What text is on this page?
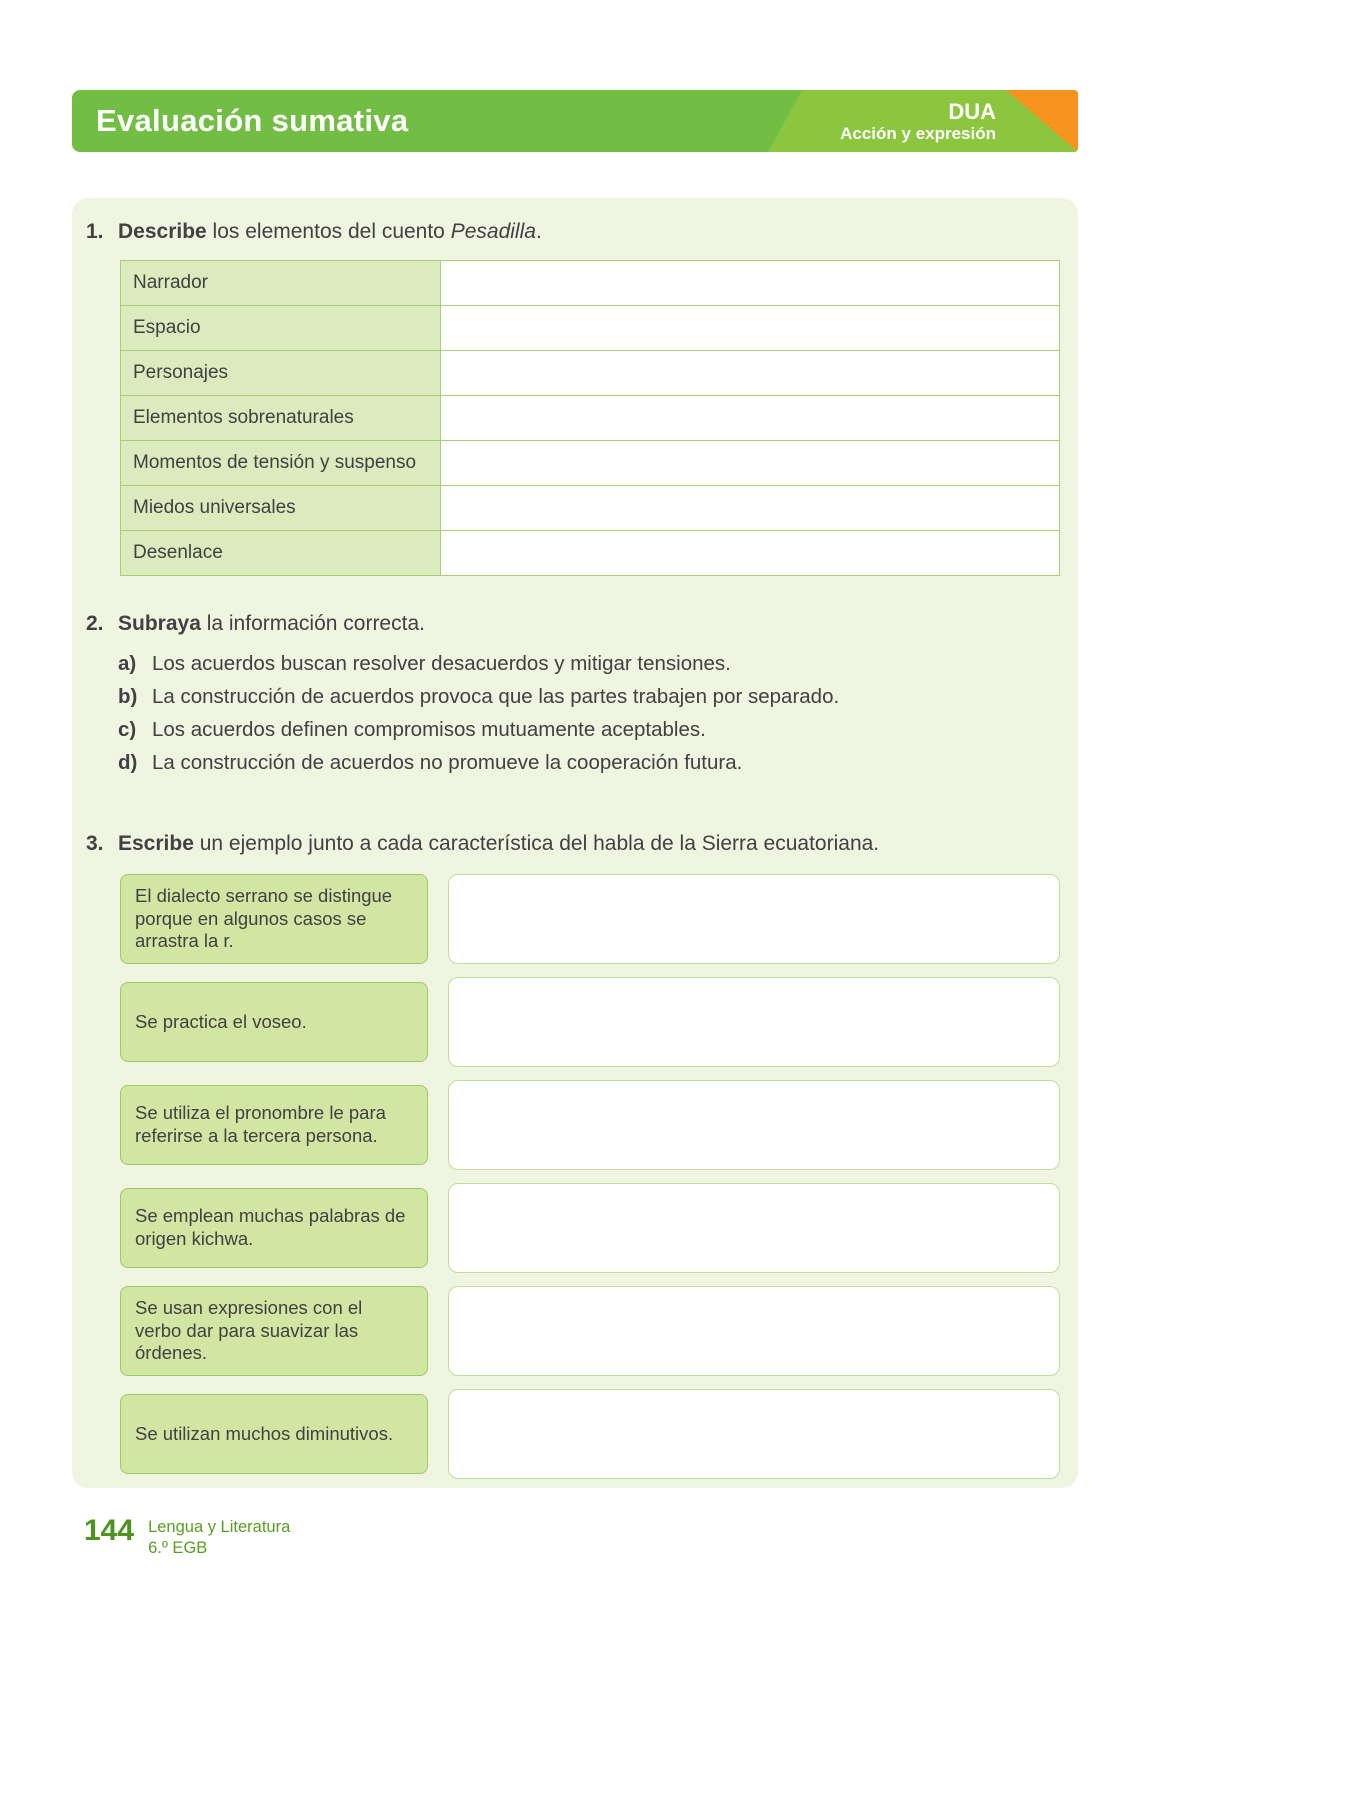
Evaluación sumativa	DUA
Acción y expresión
1. Describe los elementos del cuento Pesadilla.

Narrador	
Espacio	
Personajes	
Elementos sobrenaturales	
Momentos de tensión y suspenso	
Miedos universales	
Desenlace	
2. Subraya la información correcta.

a) Los acuerdos buscan resolver desacuerdos y mitigar tensiones.
b) La construcción de acuerdos provoca que las partes trabajen por separado.
c) Los acuerdos definen compromisos mutuamente aceptables.
d) La construcción de acuerdos no promueve la cooperación futura.
3. Escribe un ejemplo junto a cada característica del habla de la Sierra ecuatoriana.

El dialecto serrano se distingue porque en algunos casos se arrastra la r.
Se practica el voseo.
Se utiliza el pronombre le para referirse a la tercera persona.
Se emplean muchas palabras de origen kichwa.
Se usan expresiones con el verbo dar para suavizar las órdenes.
Se utilizan muchos diminutivos.
144 Lengua y Literatura
6.º EGB
